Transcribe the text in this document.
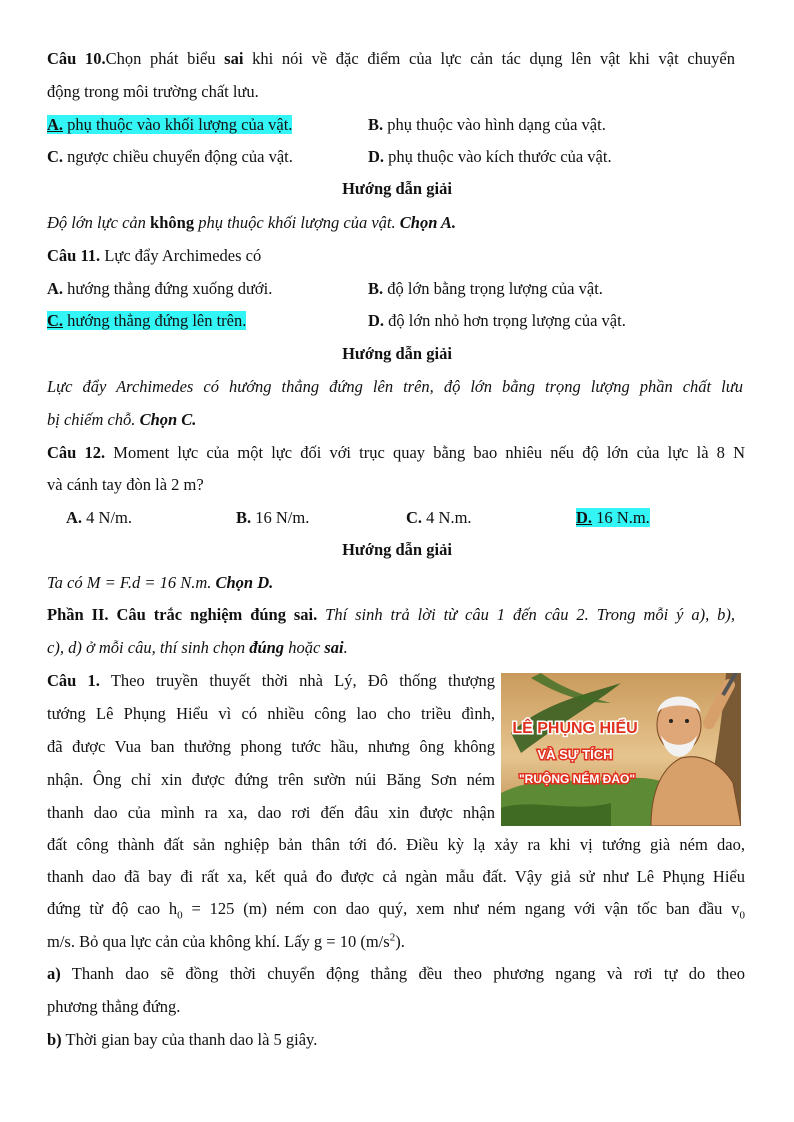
Câu 10.Chọn phát biểu sai khi nói về đặc điểm của lực cản tác dụng lên vật khi vật chuyển
động trong môi trường chất lưu.
A. phụ thuộc vào khối lượng của vật.	B. phụ thuộc vào hình dạng của vật.
C. ngược chiều chuyển động của vật.	D. phụ thuộc vào kích thước của vật.
Hướng dẫn giải
Độ lớn lực cản không phụ thuộc khối lượng của vật. Chọn A.
Câu 11. Lực đẩy Archimedes có
A. hướng thẳng đứng xuống dưới.	B. độ lớn bằng trọng lượng của vật.
C. hướng thẳng đứng lên trên.	D. độ lớn nhỏ hơn trọng lượng của vật.
Hướng dẫn giải
Lực đẩy Archimedes có hướng thẳng đứng lên trên, độ lớn bằng trọng lượng phần chất lưu
bị chiếm chỗ. Chọn C.
Câu 12. Moment lực của một lực đối với trục quay bằng bao nhiêu nếu độ lớn của lực là 8 N
và cánh tay đòn là 2 m?
A. 4 N/m.	B. 16 N/m.	C. 4 N.m.	D. 16 N.m.
Hướng dẫn giải
Ta có M = F.d = 16 N.m. Chọn D.
Phần II. Câu trắc nghiệm đúng sai. Thí sinh trả lời từ câu 1 đến câu 2. Trong mỗi ý a), b),
c), d) ở mỗi câu, thí sinh chọn đúng hoặc sai.
Câu 1. Theo truyền thuyết thời nhà Lý, Đô thống thượng
tướng Lê Phụng Hiểu vì có nhiều công lao cho triều đình,
đã được Vua ban thưởng phong tước hầu, nhưng ông không
nhận. Ông chỉ xin được đứng trên sườn núi Băng Sơn ném
thanh dao của mình ra xa, dao rơi đến đâu xin được nhận
đất công thành đất sản nghiệp bản thân tới đó. Điều kỳ lạ xảy ra khi vị tướng già ném dao,
thanh dao đã bay đi rất xa, kết quả đo được cả ngàn mẫu đất. Vậy giả sử như Lê Phụng Hiểu
đứng từ độ cao $h_0 = 125$ (m) ném con dao quý, xem như ném ngang với vận tốc ban đầu $v_0$
m/s. Bỏ qua lực cản của không khí. Lấy g = 10 $(m/s^2)$.
a) Thanh dao sẽ đồng thời chuyển động thẳng đều theo phương ngang và rơi tự do theo
phương thẳng đứng.
b) Thời gian bay của thanh dao là 5 giây.
LÊ PHỤNG HIỂU
VÀ SỰ TÍCH
"RUỘNG NÉM ĐAO"
